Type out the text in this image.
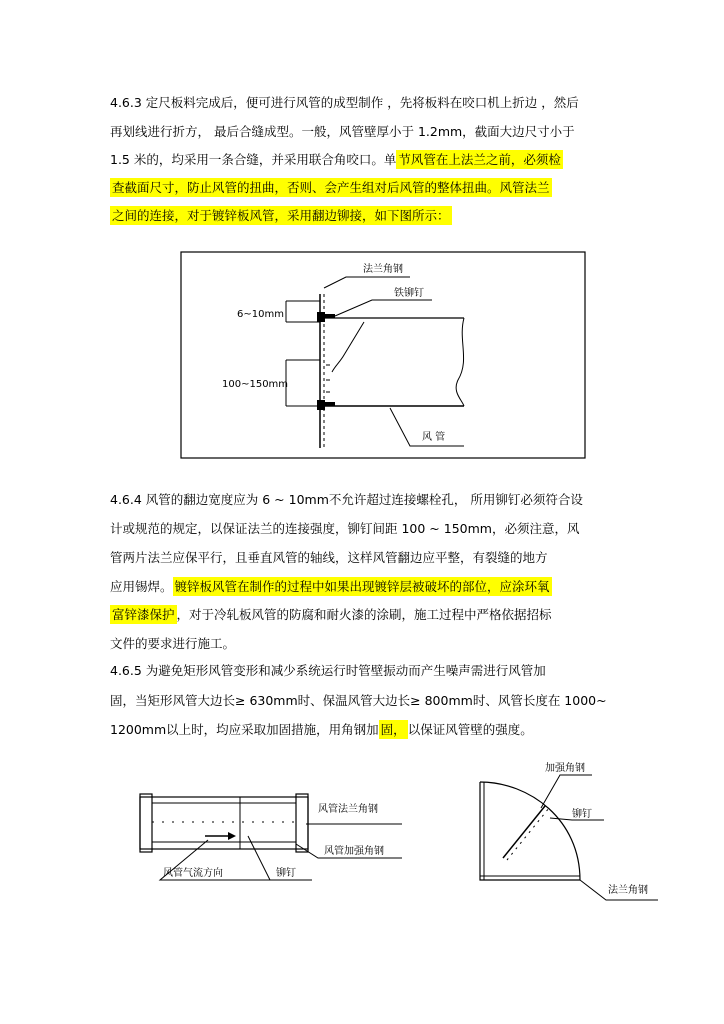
4.6.3 定尺板料完成后，便可进行风管的成型制作 ，先将板料在咬口机上折边 ，然后
再划线进行折方， 最后合缝成型。一般，风管壁厚小于 1.2mm，截面大边尺寸小于
1.5 米的，均采用一条合缝，并采用联合角咬口。单 节风管在上法兰之前，必须检
查截面尺寸，防止风管的扭曲，否则、会产生组对后风管的整体扭曲。风管法兰
之间的连接，对于镀锌板风管，采用翻边铆接，如下图所示：
法兰角钢
铁铆钉
6~10mm
100~150mm
风 管
4.6.4 风管的翻边宽度应为 6 ~ 10mm不允许超过连接螺栓孔， 所用铆钉必须符合设
计或规范的规定，以保证法兰的连接强度，铆钉间距 100 ~ 150mm，必须注意，风
管两片法兰应保平行，且垂直风管的轴线，这样风管翻边应平整，有裂缝的地方
应用锡焊。 镀锌板风管在制作的过程中如果出现镀锌层被破坏的部位，应涂环氧
富锌漆保护 ，对于冷轧板风管的防腐和耐火漆的涂刷，施工过程中严格依据招标
文件的要求进行施工。
4.6.5 为避免矩形风管变形和减少系统运行时管壁振动而产生噪声需进行风管加
固，当矩形风管大边长≥ 630mm时、保温风管大边长≥ 800mm时、风管长度在 1000~
1200mm以上时，均应采取加固措施，用角钢加 固， 以保证风管壁的强度。
风管法兰角钢
风管加强角钢
风管气流方向	铆钉
加强角钢
铆钉
法兰角钢
